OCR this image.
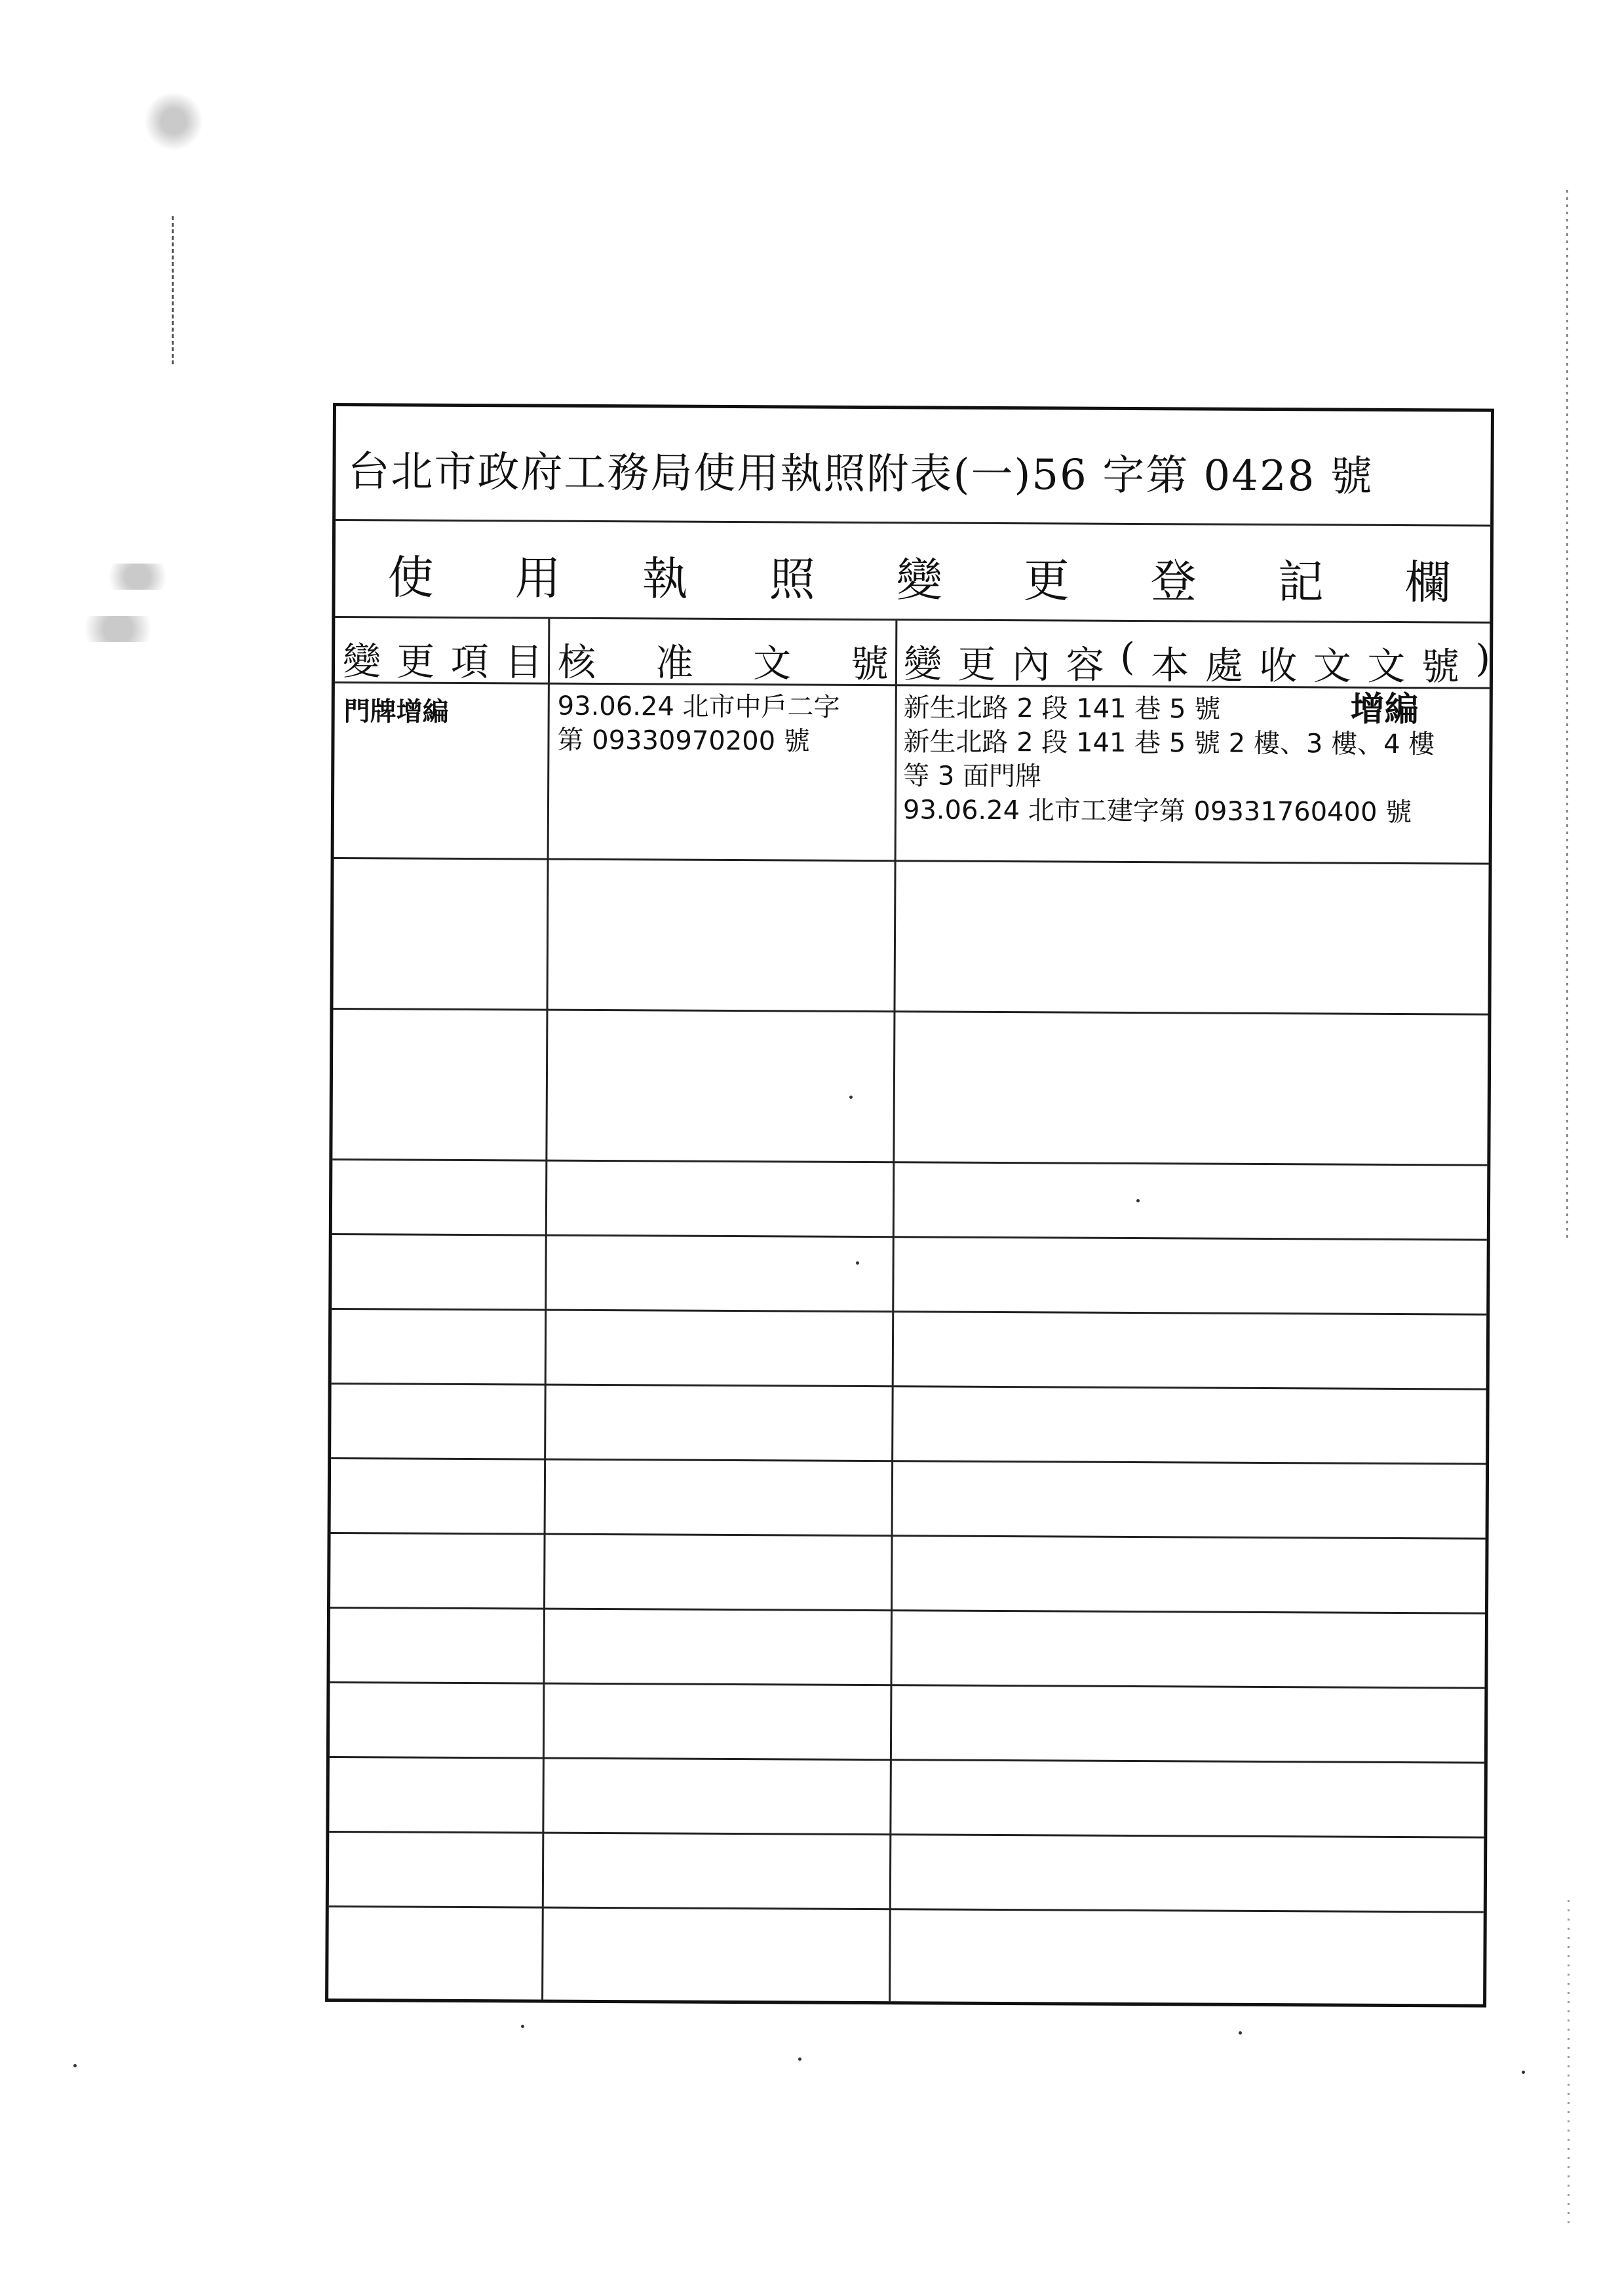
台北市政府工務局使用執照附表(一)56 字第 0428 號
使 用 執 照 變 更 登 記 欄
變 更 項 目 核 准 文 號 變 更 內 容 ( 本 處 收 文 文 號 )
門牌增編	93.06.24 北市中戶二字
第 09330970200 號
新生北路 2 段 141 巷 5 號
新生北路 2 段 141 巷 5 號 2 樓、3 樓、4 樓
等 3 面門牌
93.06.24 北市工建字第 09331760400 號
增編
